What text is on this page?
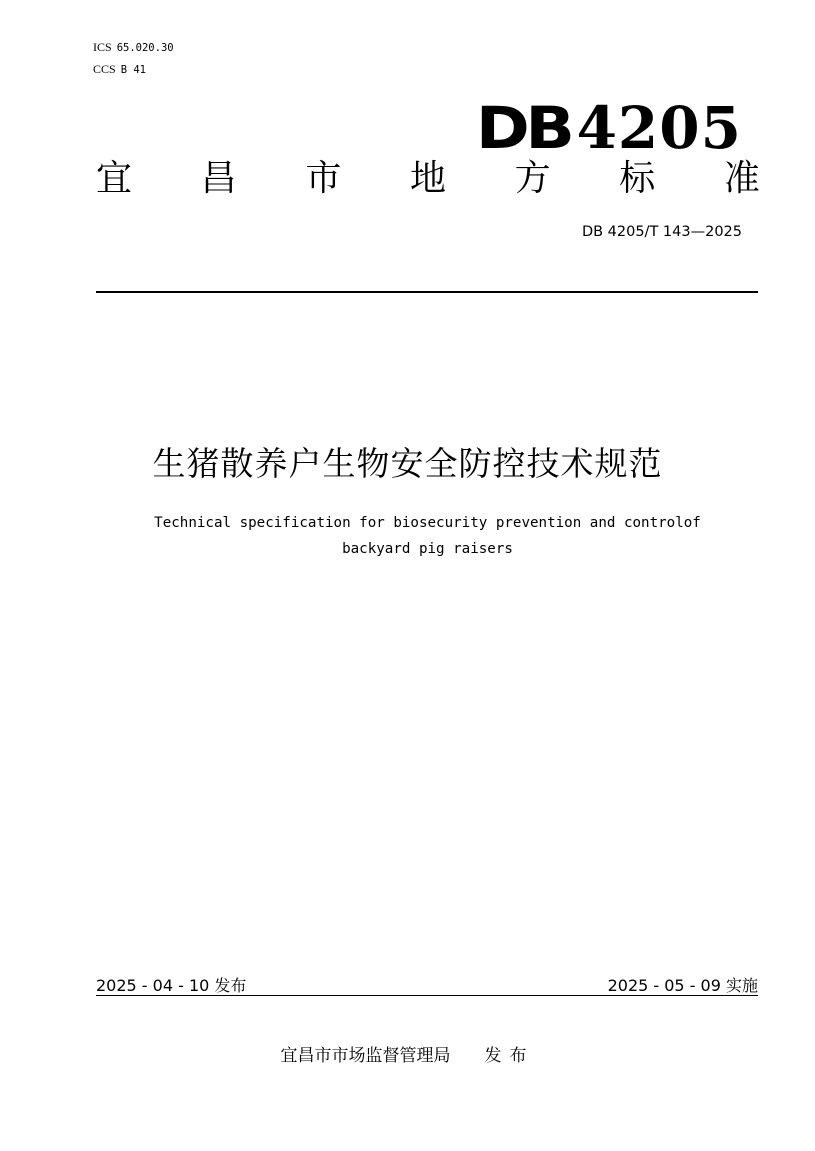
ICS 65.020.30
CCS B 41
DB 4205
宜 昌 市 地 方 标 准
DB 4205/T 143—2025
生猪散养户生物安全防控技术规范
Technical specification for biosecurity prevention and controlof
backyard pig raisers
2025 - 04 - 10 发布	2025 - 05 - 09 实施
宜昌市市场监督管理局 发布
